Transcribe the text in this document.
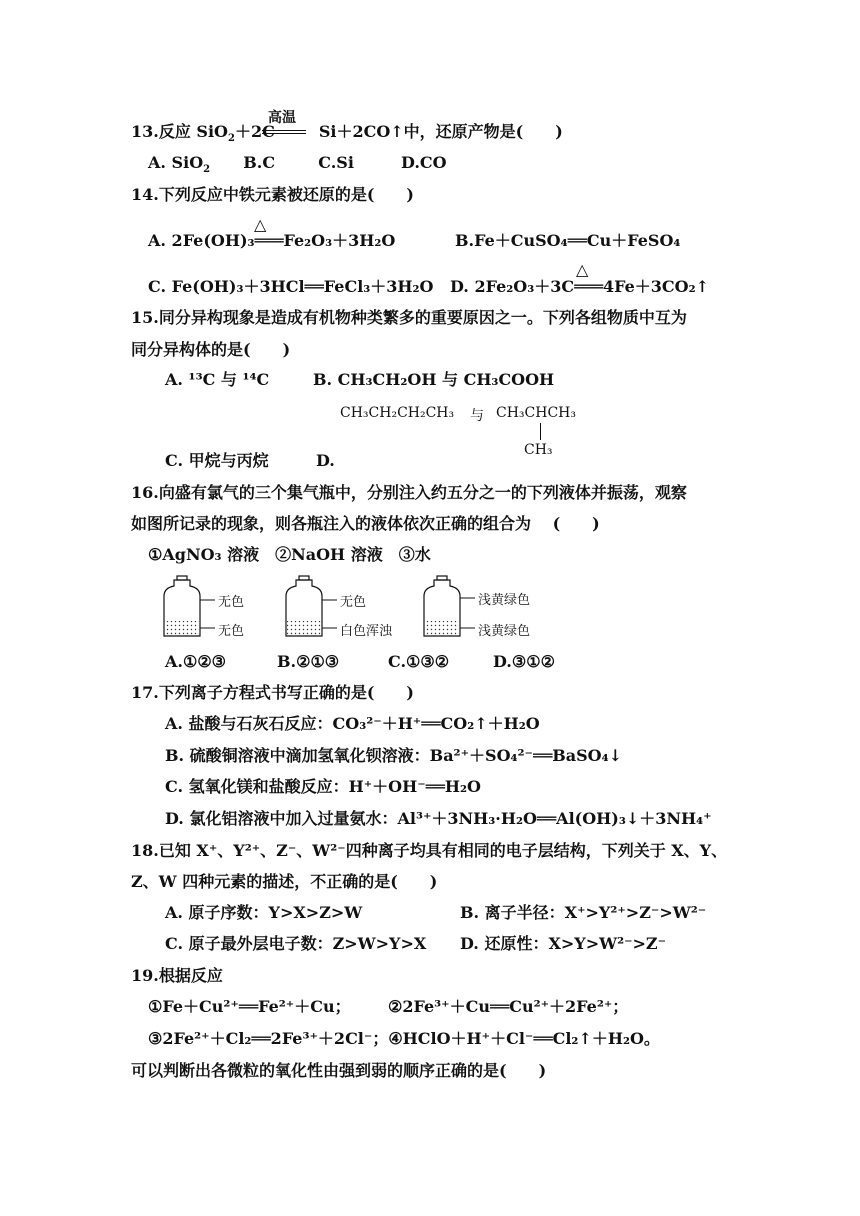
高温
13.反应 SiO$_2$＋2C	Si＋2CO↑中，还原产物是(　　)
A. SiO$_2$ B.C	C.Si	D.CO
14.下列反应中铁元素被还原的是(　　)
△
A. 2Fe(OH)₃═══Fe₂O₃＋3H₂O	B.Fe＋CuSO₄══Cu＋FeSO₄
△
C. Fe(OH)₃＋3HCl══FeCl₃＋3H₂O D. 2Fe₂O₃＋3C═══4Fe＋3CO₂↑
15.同分异构现象是造成有机物种类繁多的重要原因之一。下列各组物质中互为
同分异构体的是(　　)
A. ¹³C 与 ¹⁴C	B. CH₃CH₂OH 与 CH₃COOH
CH₃CH₂CH₂CH₃ 与 CH₃CHCH₃
CH₃
C. 甲烷与丙烷	D.
16.向盛有氯气的三个集气瓶中，分别注入约五分之一的下列液体并振荡，观察
如图所记录的现象，则各瓶注入的液体依次正确的组合为　 (　　)
①AgNO₃ 溶液　②NaOH 溶液　③水
无色
无色
无色
白色浑浊
浅黄绿色
浅黄绿色
A.①②③	B.②①③	C.①③②	D.③①②
17.下列离子方程式书写正确的是(　　)
A. 盐酸与石灰石反应：CO₃²⁻＋H⁺══CO₂↑＋H₂O
B. 硫酸铜溶液中滴加氢氧化钡溶液：Ba²⁺＋SO₄²⁻══BaSO₄↓
C. 氢氧化镁和盐酸反应：H⁺＋OH⁻══H₂O
D. 氯化铝溶液中加入过量氨水：Al³⁺＋3NH₃·H₂O══Al(OH)₃↓＋3NH₄⁺
18.已知 X⁺、Y²⁺、Z⁻、W²⁻四种离子均具有相同的电子层结构，下列关于 X、Y、
Z、W 四种元素的描述，不正确的是(　　)
A. 原子序数：Y>X>Z>W	B. 离子半径：X⁺>Y²⁺>Z⁻>W²⁻
C. 原子最外层电子数：Z>W>Y>X D. 还原性：X>Y>W²⁻>Z⁻
19.根据反应
①Fe＋Cu²⁺══Fe²⁺＋Cu； ②2Fe³⁺＋Cu══Cu²⁺＋2Fe²⁺；
③2Fe²⁺＋Cl₂══2Fe³⁺＋2Cl⁻；④HClO＋H⁺＋Cl⁻══Cl₂↑＋H₂O。
可以判断出各微粒的氧化性由强到弱的顺序正确的是(　　)
